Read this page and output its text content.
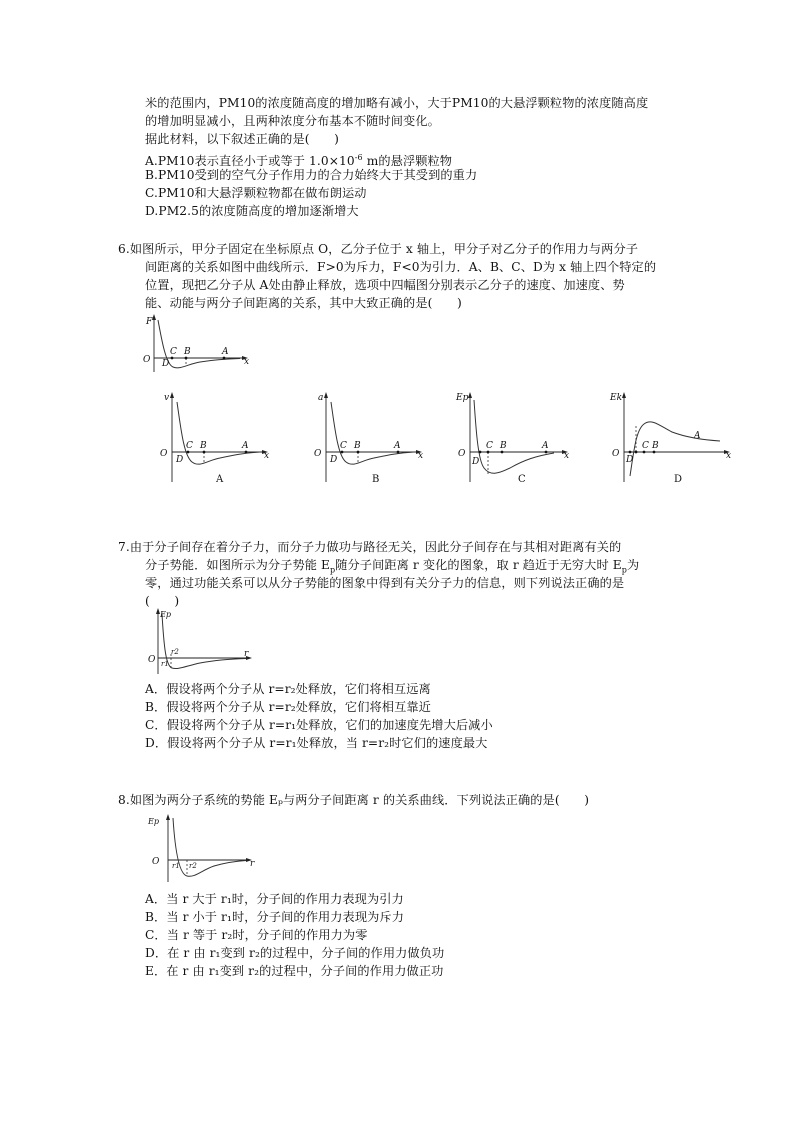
米的范围内，PM10的浓度随高度的增加略有减小，大于PM10的大悬浮颗粒物的浓度随高度
的增加明显减小，且两种浓度分布基本不随时间变化。
据此材料，以下叙述正确的是(　　)
A.PM10表示直径小于或等于 $1.0\times 10^{-6}$ m的悬浮颗粒物
B.PM10受到的空气分子作用力的合力始终大于其受到的重力
C.PM10和大悬浮颗粒物都在做布朗运动
D.PM2.5的浓度随高度的增加逐渐增大
6.如图所示，甲分子固定在坐标原点 O，乙分子位于 x 轴上，甲分子对乙分子的作用力与两分子
间距离的关系如图中曲线所示．F>0为斥力，F<0为引力．A、B、C、D为 x 轴上四个特定的
位置，现把乙分子从 A处由静止释放，选项中四幅图分别表示乙分子的速度、加速度、势
能、动能与两分子间距离的关系，其中大致正确的是(　　)
F
O
C B	A
D	x
v
O
C B	A
D	x
A
a
O
C B	A
D	x
B
Ep
O
C B	A
D
x
C
Ek
O
C B
A
D	x
D
7.由于分子间存在着分子力，而分子力做功与路径无关，因此分子间存在与其相对距离有关的
分子势能．如图所示为分子势能 $E_p$随分子间距离 r 变化的图象，取 r 趋近于无穷大时 $E_p$为
零，通过功能关系可以从分子势能的图象中得到有关分子力的信息，则下列说法正确的是
(　　)
Ep
O r1
r2	r
A．假设将两个分子从 r=r₂处释放，它们将相互远离
B．假设将两个分子从 r=r₂处释放，它们将相互靠近
C．假设将两个分子从 r=r₁处释放，它们的加速度先增大后减小
D．假设将两个分子从 r=r₁处释放，当 r=r₂时它们的速度最大
8.如图为两分子系统的势能 Eₚ与两分子间距离 r 的关系曲线．下列说法正确的是(　　)
Ep
O r1 r2	r
A．当 r 大于 r₁时，分子间的作用力表现为引力
B．当 r 小于 r₁时，分子间的作用力表现为斥力
C．当 r 等于 r₂时，分子间的作用力为零
D．在 r 由 r₁变到 r₂的过程中，分子间的作用力做负功
E．在 r 由 r₁变到 r₂的过程中，分子间的作用力做正功
